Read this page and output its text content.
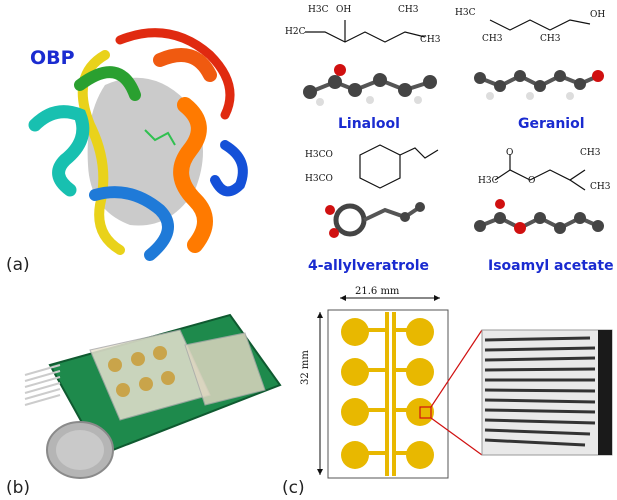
OBP
(a)
H3C OH
H2C
CH3
CH3
Linalool
H3C	OH
CH3	CH3
Geraniol
H3CO
H3CO
4-allylveratrole
O
H3C	O
CH3
CH3
Isoamyl acetate
(b)
21.6 mm
32 mm
(c)
